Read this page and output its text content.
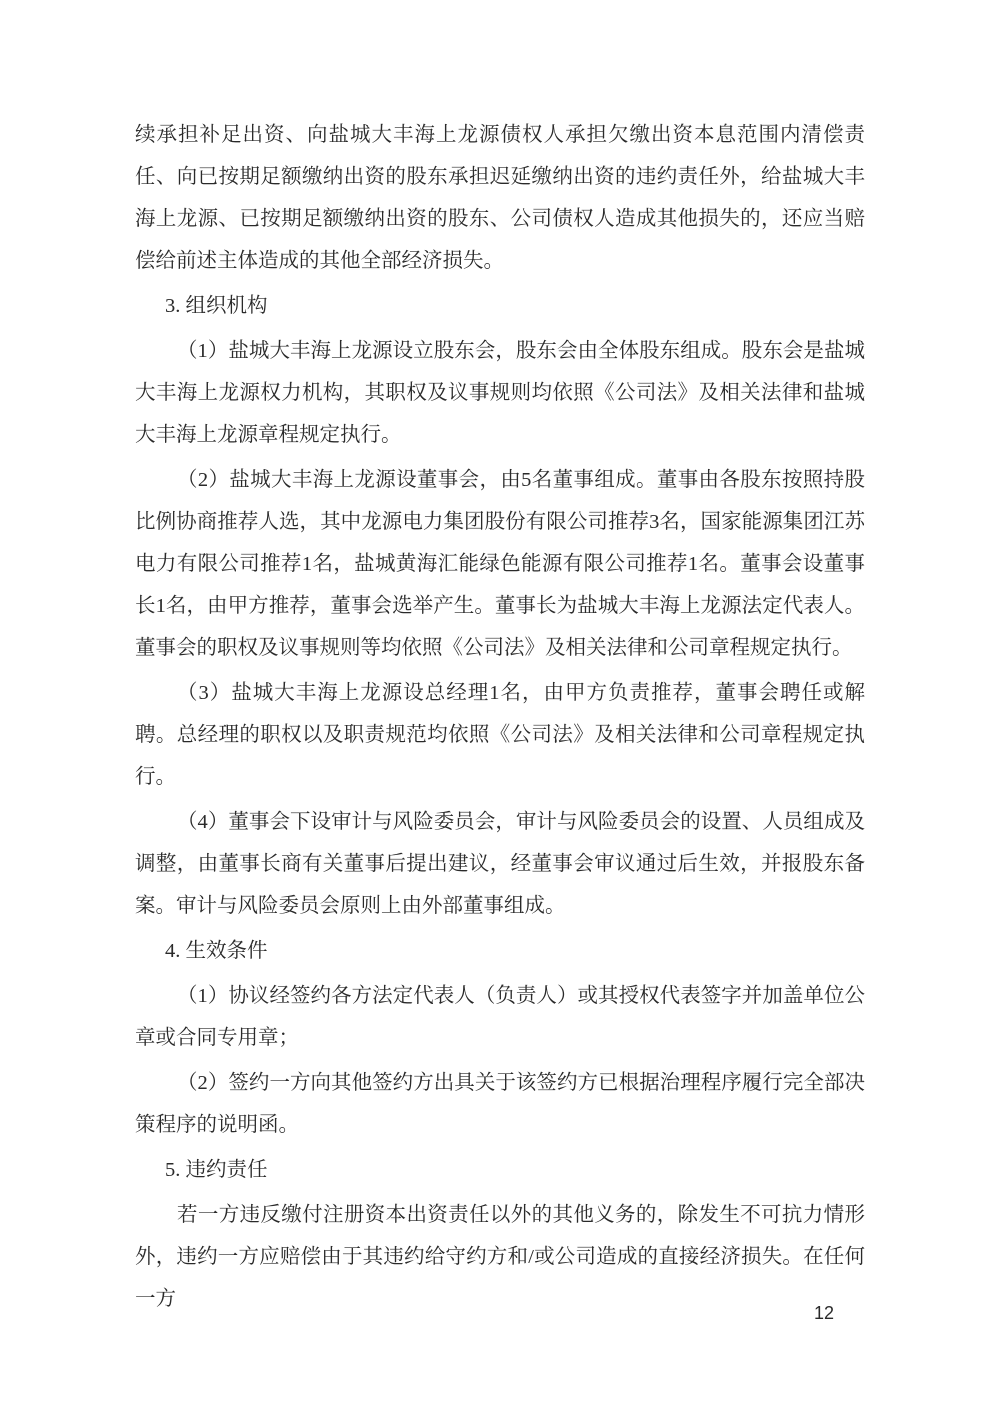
续承担补足出资、向盐城大丰海上龙源债权人承担欠缴出资本息范围内清偿责任、向已按期足额缴纳出资的股东承担迟延缴纳出资的违约责任外，给盐城大丰海上龙源、已按期足额缴纳出资的股东、公司债权人造成其他损失的，还应当赔偿给前述主体造成的其他全部经济损失。

3. 组织机构

（1）盐城大丰海上龙源设立股东会，股东会由全体股东组成。股东会是盐城大丰海上龙源权力机构，其职权及议事规则均依照《公司法》及相关法律和盐城大丰海上龙源章程规定执行。

（2）盐城大丰海上龙源设董事会，由5名董事组成。董事由各股东按照持股比例协商推荐人选，其中龙源电力集团股份有限公司推荐3名，国家能源集团江苏电力有限公司推荐1名，盐城黄海汇能绿色能源有限公司推荐1名。董事会设董事长1名，由甲方推荐，董事会选举产生。董事长为盐城大丰海上龙源法定代表人。董事会的职权及议事规则等均依照《公司法》及相关法律和公司章程规定执行。

（3）盐城大丰海上龙源设总经理1名，由甲方负责推荐，董事会聘任或解聘。总经理的职权以及职责规范均依照《公司法》及相关法律和公司章程规定执行。

（4）董事会下设审计与风险委员会，审计与风险委员会的设置、人员组成及调整，由董事长商有关董事后提出建议，经董事会审议通过后生效，并报股东备案。审计与风险委员会原则上由外部董事组成。

4. 生效条件

（1）协议经签约各方法定代表人（负责人）或其授权代表签字并加盖单位公章或合同专用章；

（2）签约一方向其他签约方出具关于该签约方已根据治理程序履行完全部决策程序的说明函。

5. 违约责任

若一方违反缴付注册资本出资责任以外的其他义务的，除发生不可抗力情形外，违约一方应赔偿由于其违约给守约方和/或公司造成的直接经济损失。在任何一方

12
